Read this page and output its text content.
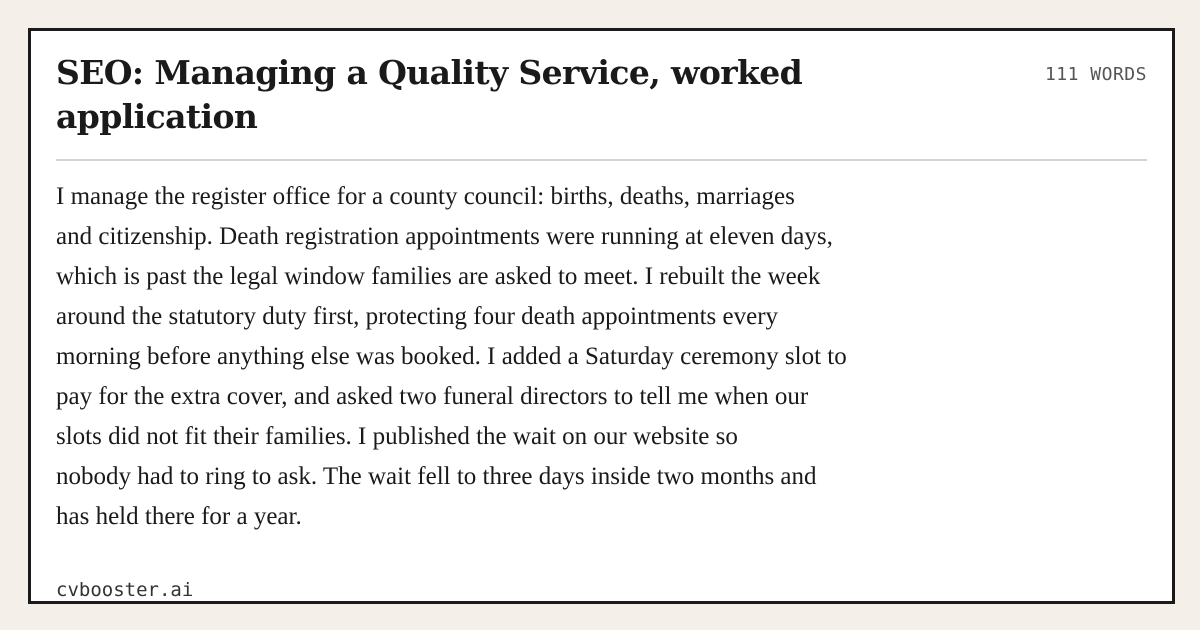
SEO: Managing a Quality Service, worked application
111 WORDS
I manage the register office for a county council: births, deaths, marriages
and citizenship. Death registration appointments were running at eleven days,
which is past the legal window families are asked to meet. I rebuilt the week
around the statutory duty first, protecting four death appointments every
morning before anything else was booked. I added a Saturday ceremony slot to
pay for the extra cover, and asked two funeral directors to tell me when our
slots did not fit their families. I published the wait on our website so
nobody had to ring to ask. The wait fell to three days inside two months and
has held there for a year.
cvbooster.ai
